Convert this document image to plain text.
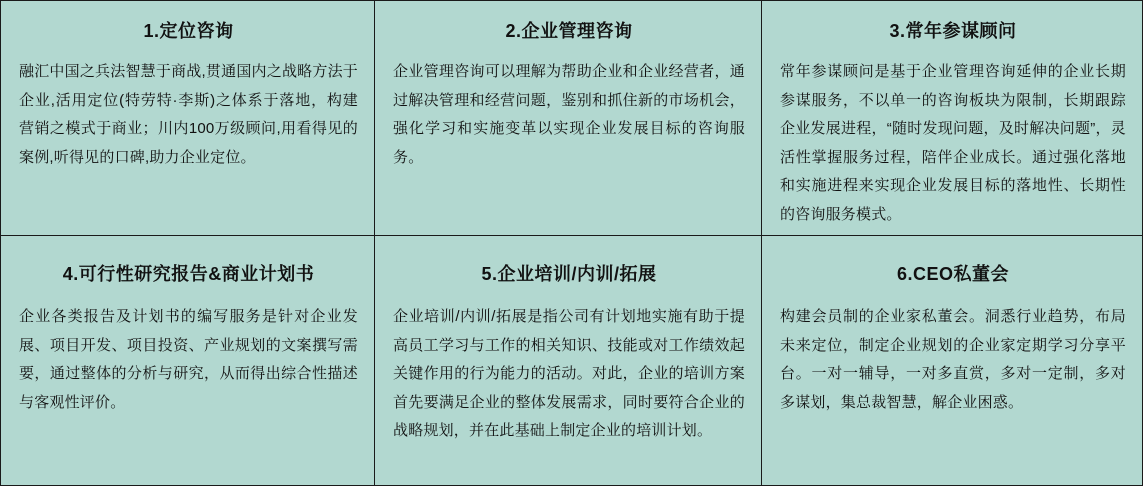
1.定位咨询
融汇中国之兵法智慧于商战,贯通国内之战略方法于企业,活用定位(特劳特·李斯)之体系于落地，构建营销之模式于商业；川内100万级顾问,用看得见的案例,听得见的口碑,助力企业定位。
2.企业管理咨询
企业管理咨询可以理解为帮助企业和企业经营者，通过解决管理和经营问题，鉴别和抓住新的市场机会，强化学习和实施变革以实现企业发展目标的咨询服务。
3.常年参谋顾问
常年参谋顾问是基于企业管理咨询延伸的企业长期参谋服务，不以单一的咨询板块为限制，长期跟踪企业发展进程，“随时发现问题，及时解决问题”，灵活性掌握服务过程，陪伴企业成长。通过强化落地和实施进程来实现企业发展目标的落地性、长期性的咨询服务模式。
4.可行性研究报告&商业计划书
企业各类报告及计划书的编写服务是针对企业发展、项目开发、项目投资、产业规划的文案撰写需要，通过整体的分析与研究，从而得出综合性描述与客观性评价。
5.企业培训/内训/拓展
企业培训/内训/拓展是指公司有计划地实施有助于提高员工学习与工作的相关知识、技能或对工作绩效起关键作用的行为能力的活动。对此，企业的培训方案首先要满足企业的整体发展需求，同时要符合企业的战略规划，并在此基础上制定企业的培训计划。
6.CEO私董会
构建会员制的企业家私董会。洞悉行业趋势，布局未来定位，制定企业规划的企业家定期学习分享平台。一对一辅导，一对多直赏，多对一定制，多对多谋划，集总裁智慧，解企业困惑。
